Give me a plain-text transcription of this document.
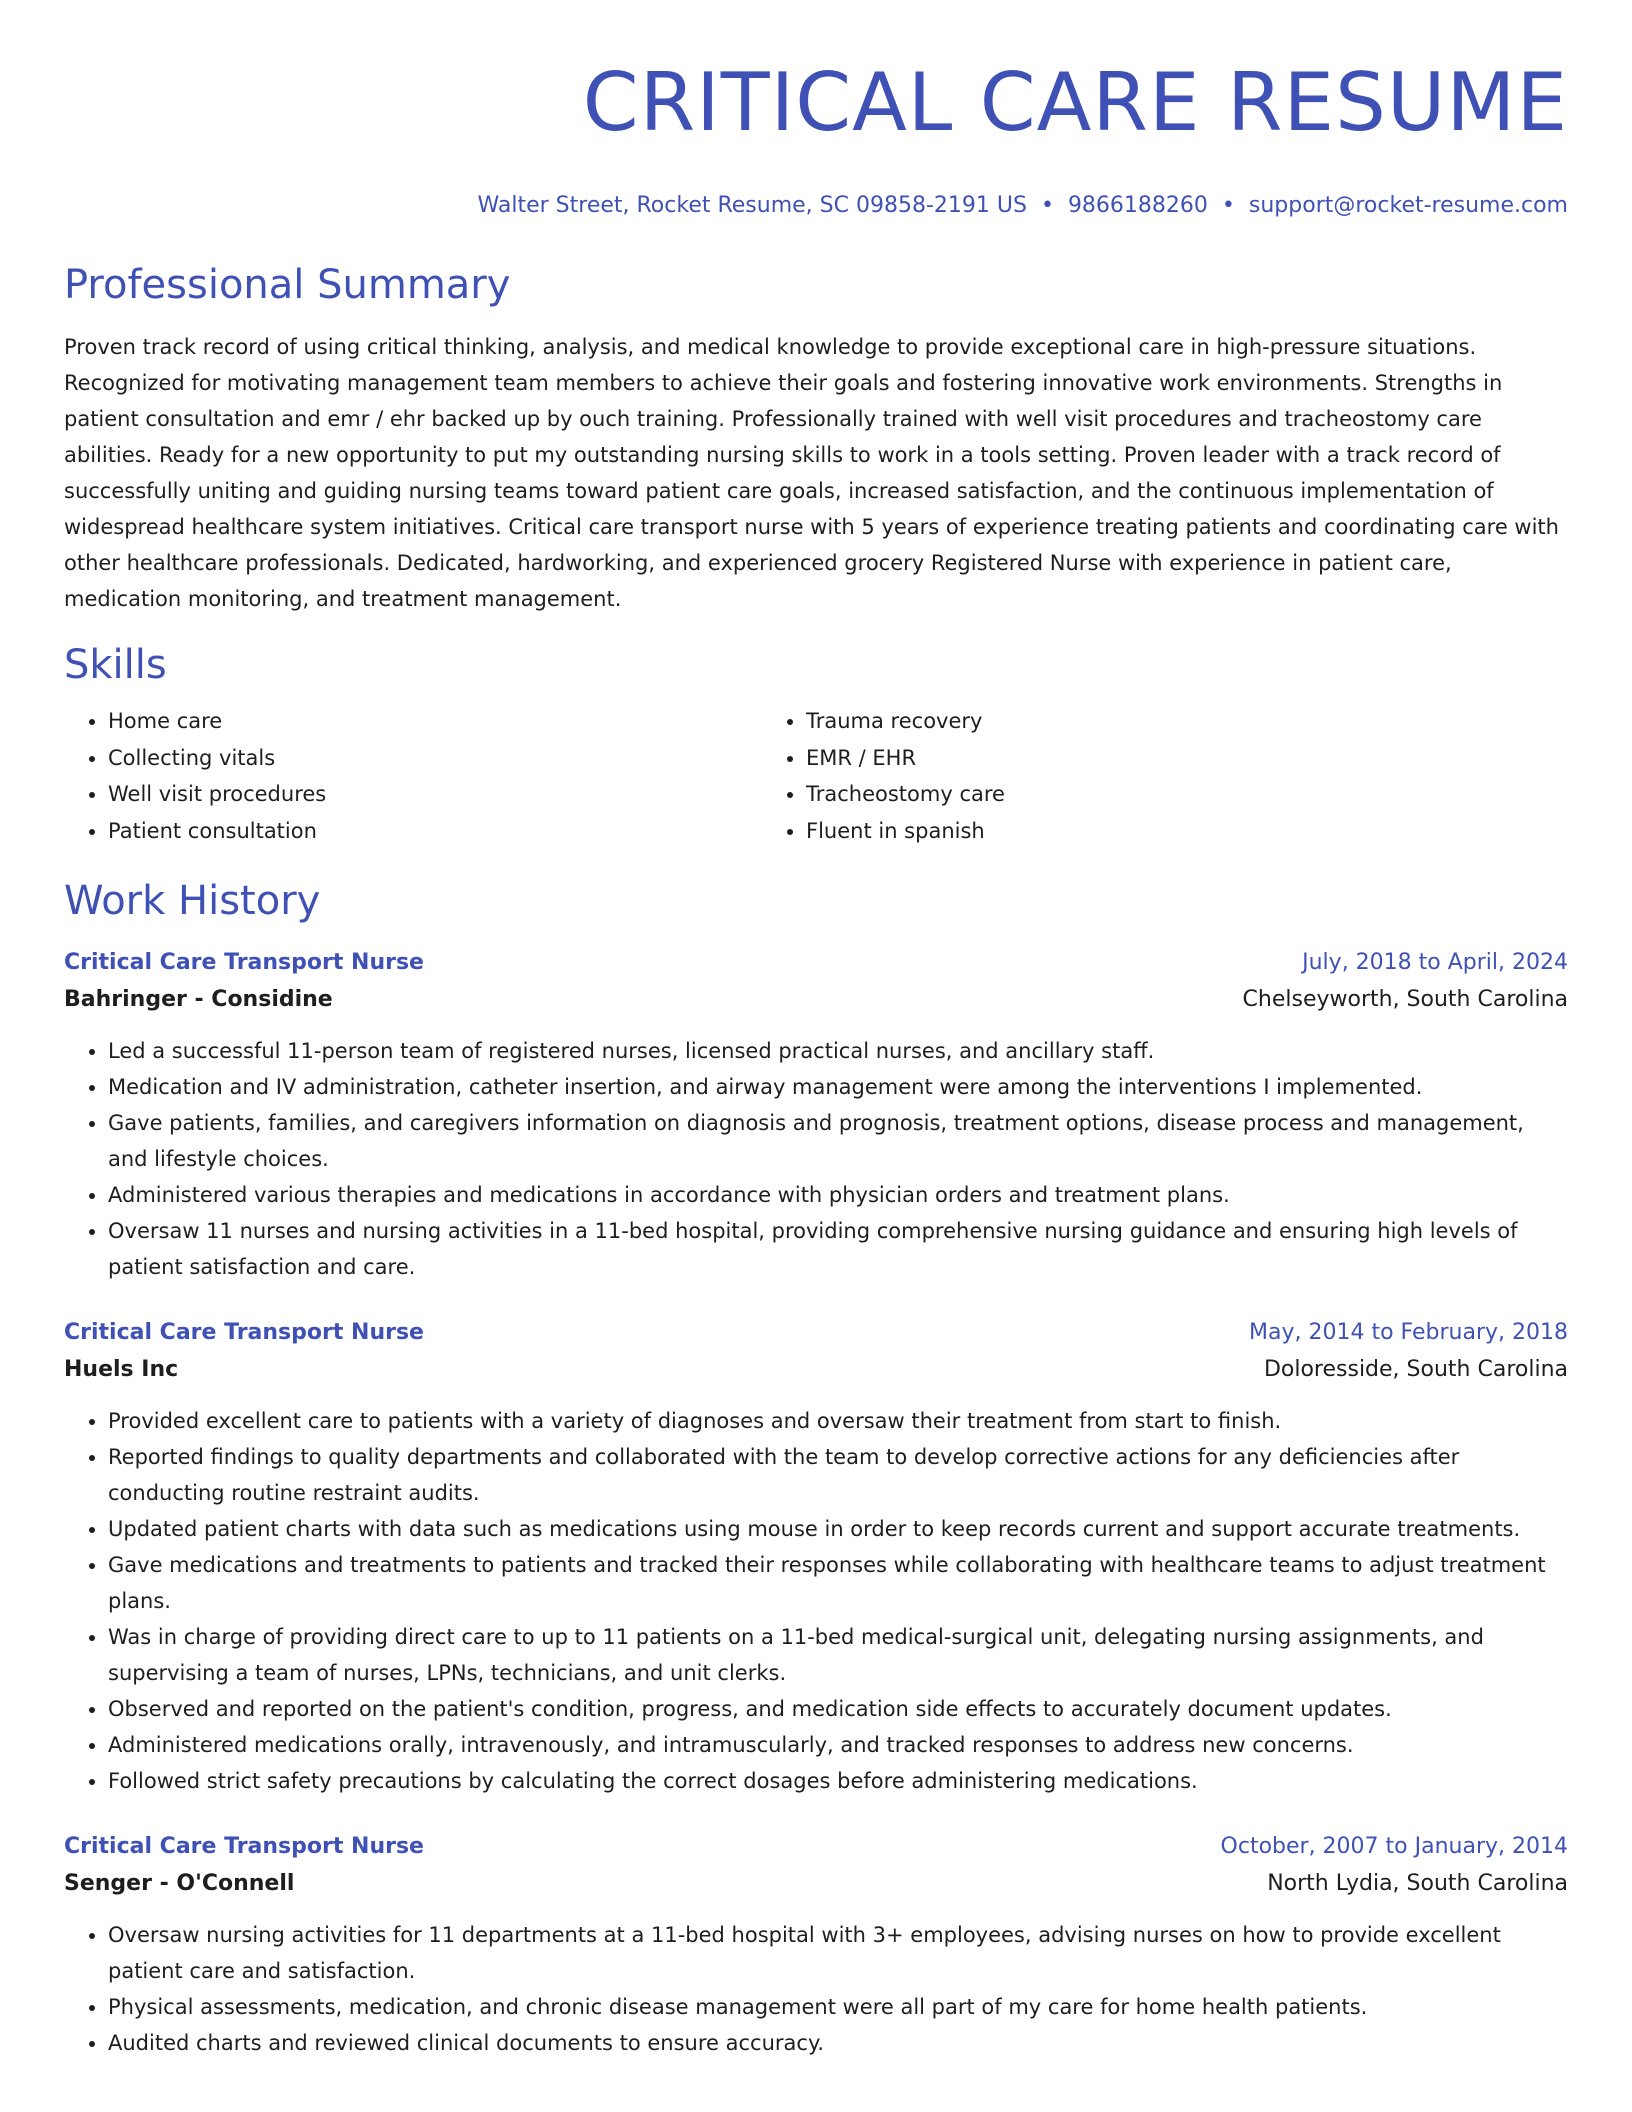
CRITICAL CARE RESUME
Walter Street, Rocket Resume, SC 09858-2191 US • 9866188260 • support@rocket-resume.com
Professional Summary

Proven track record of using critical thinking, analysis, and medical knowledge to provide exceptional care in high-pressure situations. Recognized for motivating management team members to achieve their goals and fostering innovative work environments. Strengths in patient consultation and emr / ehr backed up by ouch training. Professionally trained with well visit procedures and tracheostomy care abilities. Ready for a new opportunity to put my outstanding nursing skills to work in a tools setting. Proven leader with a track record of successfully uniting and guiding nursing teams toward patient care goals, increased satisfaction, and the continuous implementation of widespread healthcare system initiatives. Critical care transport nurse with 5 years of experience treating patients and coordinating care with other healthcare professionals. Dedicated, hardworking, and experienced grocery Registered Nurse with experience in patient care, medication monitoring, and treatment management.

Skills
• Home care
• Collecting vitals
• Well visit procedures
• Patient consultation
• Trauma recovery
• EMR / EHR
• Tracheostomy care
• Fluent in spanish
Work History
Critical Care Transport Nurse	July, 2018 to April, 2024
Bahringer - Considine	Chelseyworth, South Carolina
• Led a successful 11-person team of registered nurses, licensed practical nurses, and ancillary staff.
• Medication and IV administration, catheter insertion, and airway management were among the interventions I implemented.
• Gave patients, families, and caregivers information on diagnosis and prognosis, treatment options, disease process and management, and lifestyle choices.
• Administered various therapies and medications in accordance with physician orders and treatment plans.
• Oversaw 11 nurses and nursing activities in a 11-bed hospital, providing comprehensive nursing guidance and ensuring high levels of patient satisfaction and care.
Critical Care Transport Nurse	May, 2014 to February, 2018
Huels Inc	Doloresside, South Carolina
• Provided excellent care to patients with a variety of diagnoses and oversaw their treatment from start to finish.
• Reported findings to quality departments and collaborated with the team to develop corrective actions for any deficiencies after conducting routine restraint audits.
• Updated patient charts with data such as medications using mouse in order to keep records current and support accurate treatments.
• Gave medications and treatments to patients and tracked their responses while collaborating with healthcare teams to adjust treatment plans.
• Was in charge of providing direct care to up to 11 patients on a 11-bed medical-surgical unit, delegating nursing assignments, and supervising a team of nurses, LPNs, technicians, and unit clerks.
• Observed and reported on the patient's condition, progress, and medication side effects to accurately document updates.
• Administered medications orally, intravenously, and intramuscularly, and tracked responses to address new concerns.
• Followed strict safety precautions by calculating the correct dosages before administering medications.
Critical Care Transport Nurse	October, 2007 to January, 2014
Senger - O'Connell	North Lydia, South Carolina
• Oversaw nursing activities for 11 departments at a 11-bed hospital with 3+ employees, advising nurses on how to provide excellent patient care and satisfaction.
• Physical assessments, medication, and chronic disease management were all part of my care for home health patients.
• Audited charts and reviewed clinical documents to ensure accuracy.
